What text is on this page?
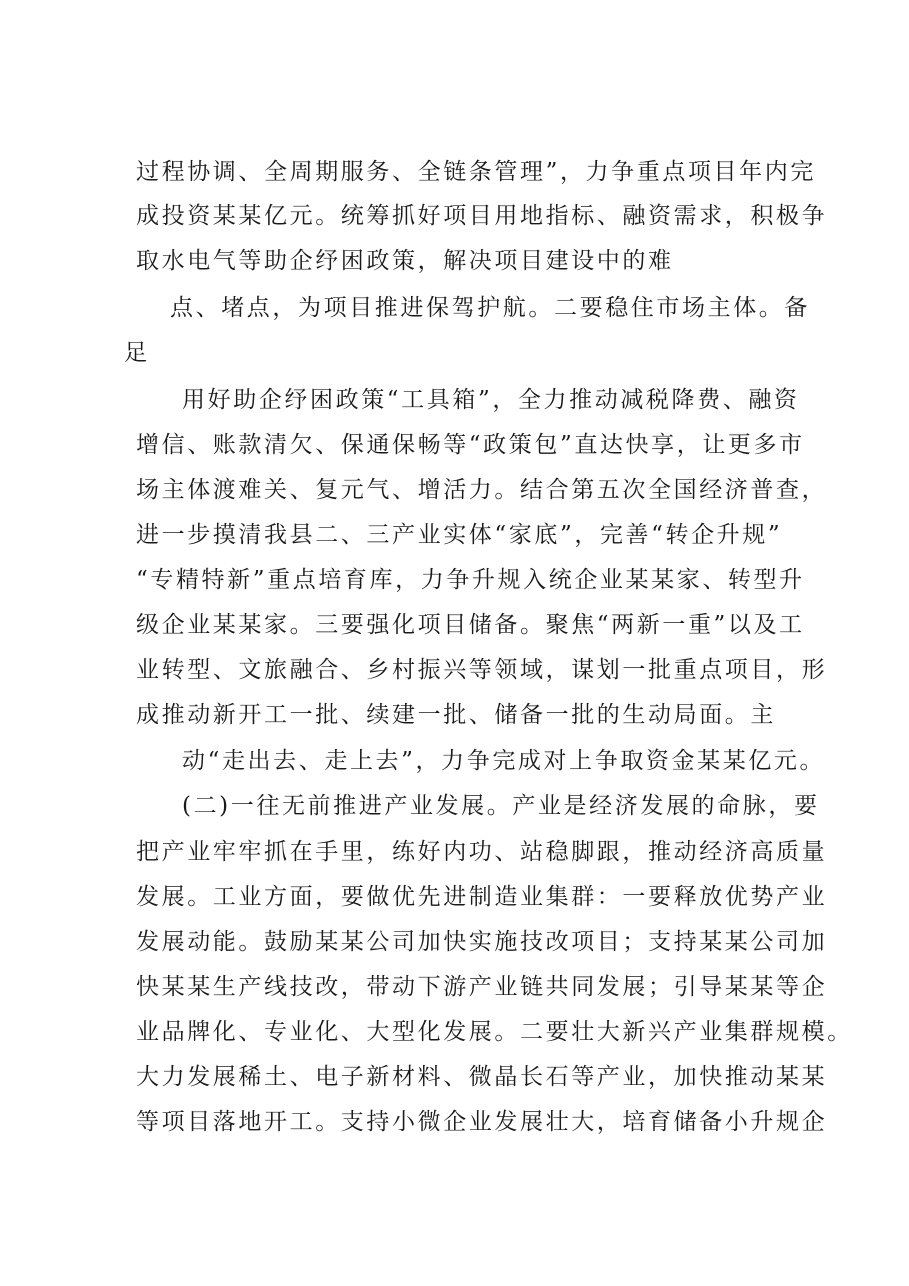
过程协调、全周期服务、全链条管理”，力争重点项目年内完
成投资某某亿元。统筹抓好项目用地指标、融资需求，积极争
取水电气等助企纾困政策，解决项目建设中的难
点、堵点，为项目推进保驾护航。二要稳住市场主体。备
足
用好助企纾困政策“工具箱”，全力推动减税降费、融资
增信、账款清欠、保通保畅等“政策包”直达快享，让更多市
场主体渡难关、复元气、增活力。结合第五次全国经济普查，
进一步摸清我县二、三产业实体“家底”，完善“转企升规”
“专精特新”重点培育库，力争升规入统企业某某家、转型升
级企业某某家。三要强化项目储备。聚焦“两新一重”以及工
业转型、文旅融合、乡村振兴等领域，谋划一批重点项目，形
成推动新开工一批、续建一批、储备一批的生动局面。主
动“走出去、走上去”，力争完成对上争取资金某某亿元。
(二)一往无前推进产业发展。产业是经济发展的命脉，要
把产业牢牢抓在手里，练好内功、站稳脚跟，推动经济高质量
发展。工业方面，要做优先进制造业集群：一要释放优势产业
发展动能。鼓励某某公司加快实施技改项目；支持某某公司加
快某某生产线技改，带动下游产业链共同发展；引导某某等企
业品牌化、专业化、大型化发展。二要壮大新兴产业集群规模。
大力发展稀土、电子新材料、微晶长石等产业，加快推动某某
等项目落地开工。支持小微企业发展壮大，培育储备小升规企
